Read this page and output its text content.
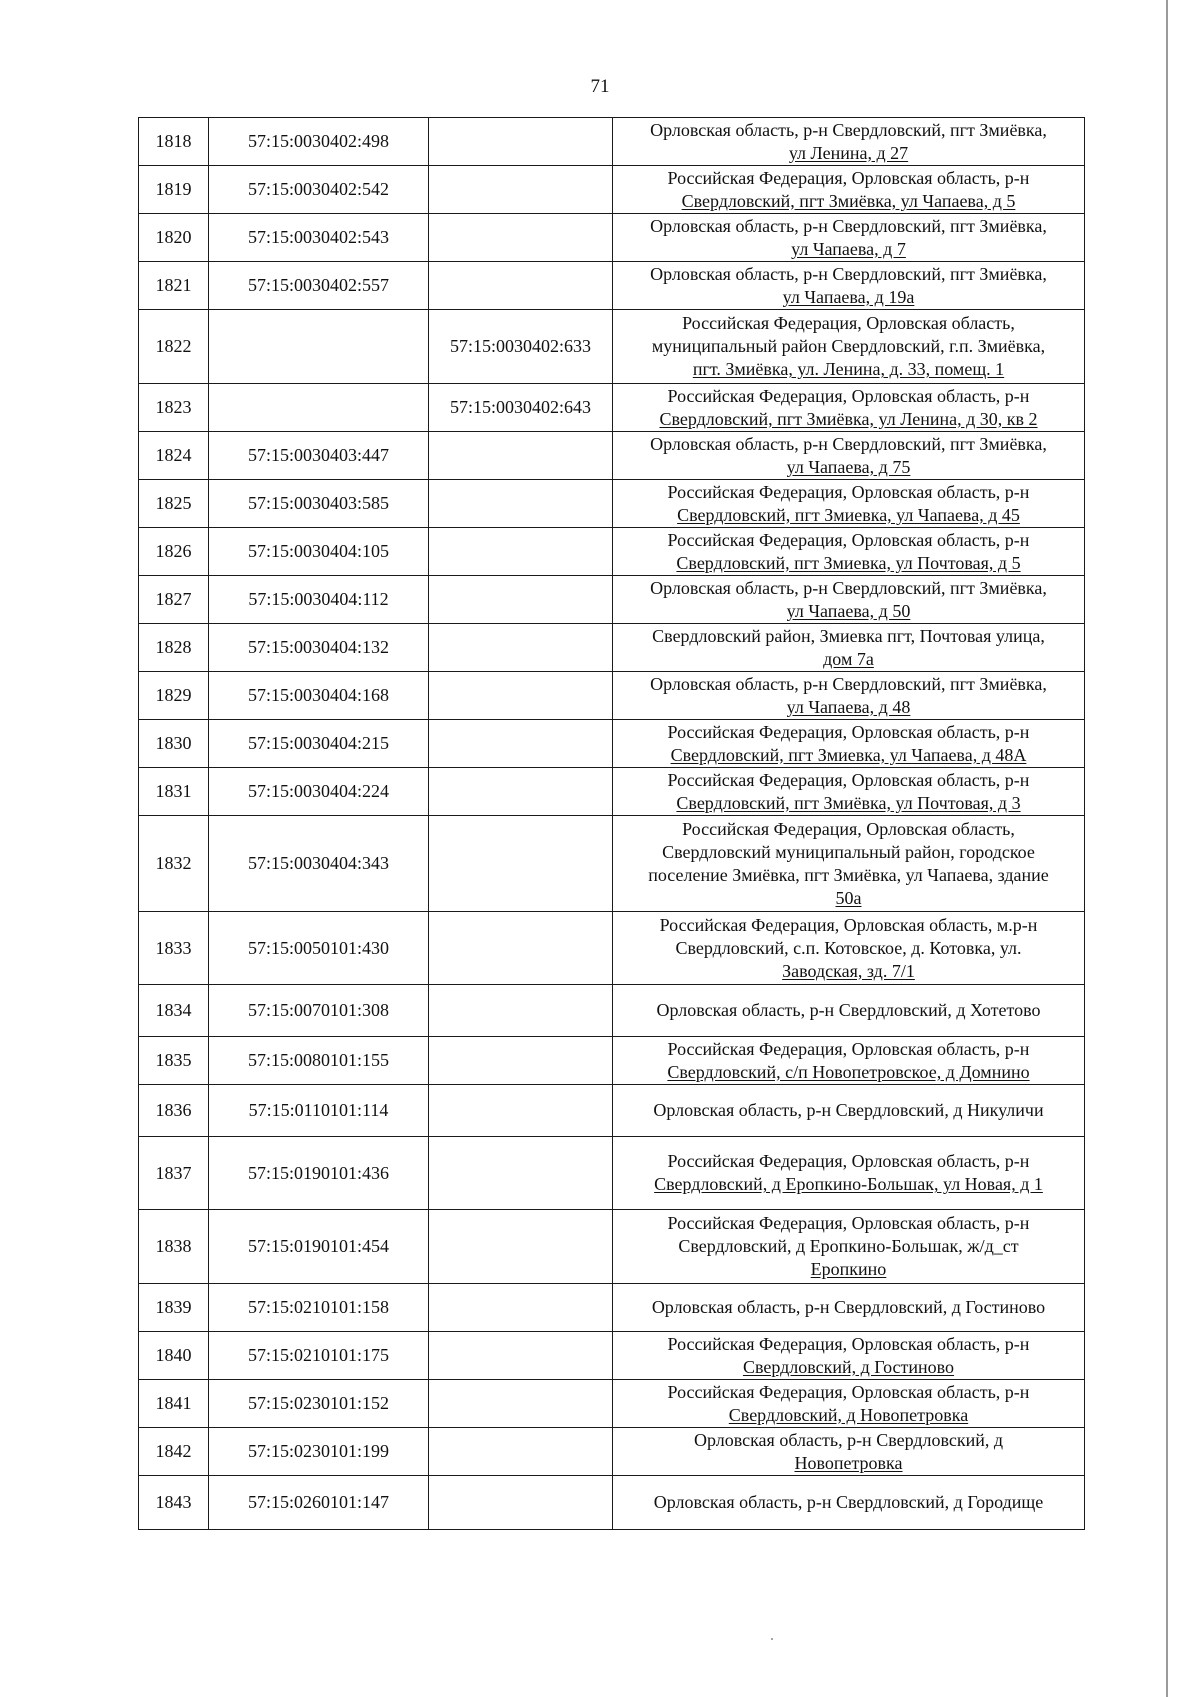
71
1818	57:15:0030402:498		Орловская область, р-н Свердловский, пгт Змиёвка,
ул Ленина, д 27

1819	57:15:0030402:542		Российская Федерация, Орловская область, р-н
Свердловский, пгт Змиёвка, ул Чапаева, д 5

1820	57:15:0030402:543		Орловская область, р-н Свердловский, пгт Змиёвка,
ул Чапаева, д 7

1821	57:15:0030402:557		Орловская область, р-н Свердловский, пгт Змиёвка,
ул Чапаева, д 19а

1822		57:15:0030402:633	Российская Федерация, Орловская область,
муниципальный район Свердловский, г.п. Змиёвка,
пгт. Змиёвка, ул. Ленина, д. 33, помещ. 1

1823		57:15:0030402:643	Российская Федерация, Орловская область, р-н
Свердловский, пгт Змиёвка, ул Ленина, д 30, кв 2

1824	57:15:0030403:447		Орловская область, р-н Свердловский, пгт Змиёвка,
ул Чапаева, д 75

1825	57:15:0030403:585		Российская Федерация, Орловская область, р-н
Свердловский, пгт Змиевка, ул Чапаева, д 45

1826	57:15:0030404:105		Российская Федерация, Орловская область, р-н
Свердловский, пгт Змиевка, ул Почтовая, д 5

1827	57:15:0030404:112		Орловская область, р-н Свердловский, пгт Змиёвка,
ул Чапаева, д 50

1828	57:15:0030404:132		Свердловский район, Змиевка пгт, Почтовая улица,
дом 7а

1829	57:15:0030404:168		Орловская область, р-н Свердловский, пгт Змиёвка,
ул Чапаева, д 48

1830	57:15:0030404:215		Российская Федерация, Орловская область, р-н
Свердловский, пгт Змиевка, ул Чапаева, д 48А

1831	57:15:0030404:224		Российская Федерация, Орловская область, р-н
Свердловский, пгт Змиёвка, ул Почтовая, д 3

1832	57:15:0030404:343		Российская Федерация, Орловская область,
Свердловский муниципальный район, городское
поселение Змиёвка, пгт Змиёвка, ул Чапаева, здание
50а

1833	57:15:0050101:430		Российская Федерация, Орловская область, м.р-н
Свердловский, с.п. Котовское, д. Котовка, ул.
Заводская, зд. 7/1

1834	57:15:0070101:308		Орловская область, р-н Свердловский, д Хотетово

1835	57:15:0080101:155		Российская Федерация, Орловская область, р-н
Свердловский, с/п Новопетровское, д Домнино

1836	57:15:0110101:114		Орловская область, р-н Свердловский, д Никуличи

1837	57:15:0190101:436		Российская Федерация, Орловская область, р-н
Свердловский, д Еропкино-Большак, ул Новая, д 1

1838	57:15:0190101:454		Российская Федерация, Орловская область, р-н
Свердловский, д Еропкино-Большак, ж/д_ст
Еропкино

1839	57:15:0210101:158		Орловская область, р-н Свердловский, д Гостиново

1840	57:15:0210101:175		Российская Федерация, Орловская область, р-н
Свердловский, д Гостиново

1841	57:15:0230101:152		Российская Федерация, Орловская область, р-н
Свердловский, д Новопетровка

1842	57:15:0230101:199		Орловская область, р-н Свердловский, д
Новопетровка

1843	57:15:0260101:147		Орловская область, р-н Свердловский, д Городище
